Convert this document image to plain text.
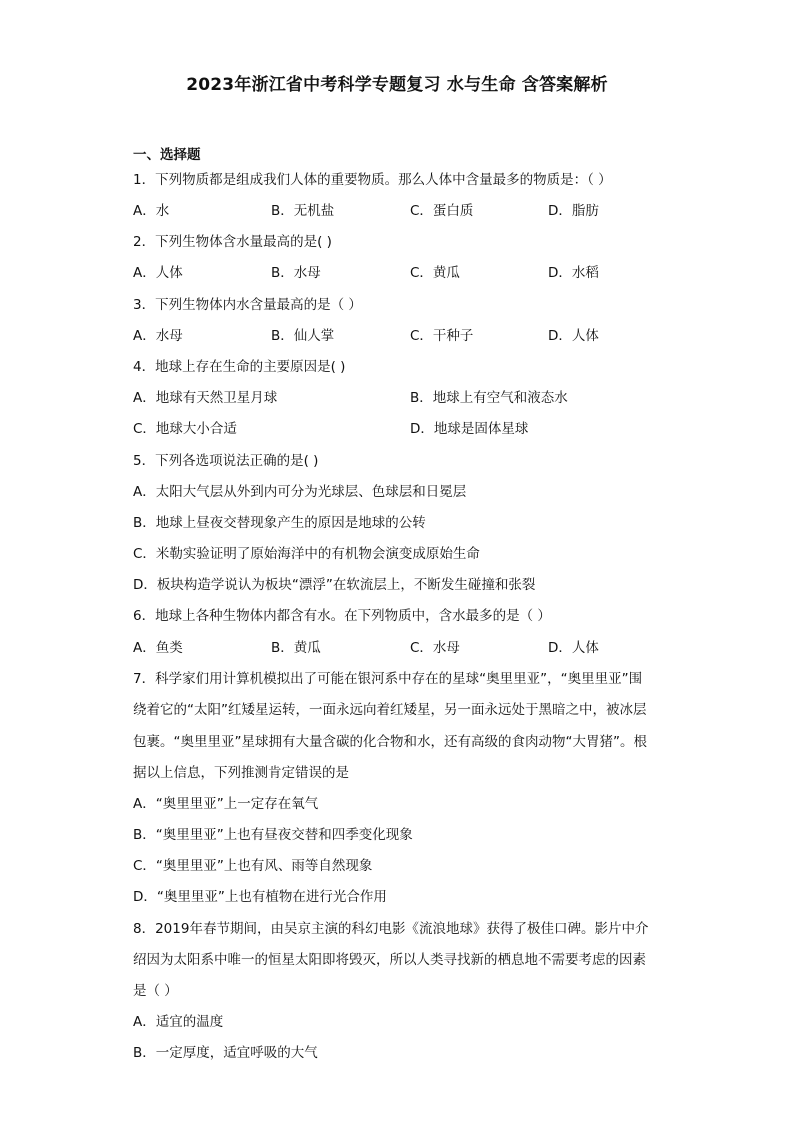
2023年浙江省中考科学专题复习 水与生命 含答案解析
一、选择题
1．下列物质都是组成我们人体的重要物质。那么人体中含量最多的物质是：（ ）
A．水	B．无机盐	C．蛋白质	D．脂肪
2．下列生物体含水量最高的是( )
A．人体	B．水母	C．黄瓜	D．水稻
3．下列生物体内水含量最高的是（ ）
A．水母	B．仙人掌	C．干种子	D．人体
4．地球上存在生命的主要原因是( )
A．地球有天然卫星月球	B．地球上有空气和液态水
C．地球大小合适	D．地球是固体星球
5．下列各选项说法正确的是( )
A．太阳大气层从外到内可分为光球层、色球层和日冕层
B．地球上昼夜交替现象产生的原因是地球的公转
C．米勒实验证明了原始海洋中的有机物会演变成原始生命
D．板块构造学说认为板块“漂浮”在软流层上，不断发生碰撞和张裂
6．地球上各种生物体内都含有水。在下列物质中，含水最多的是（ ）
A．鱼类	B．黄瓜	C．水母	D．人体
7．科学家们用计算机模拟出了可能在银河系中存在的星球“奥里里亚”，“奥里里亚”围
绕着它的“太阳”红矮星运转，一面永远向着红矮星，另一面永远处于黑暗之中，被冰层
包裹。“奥里里亚”星球拥有大量含碳的化合物和水，还有高级的食肉动物“大胃猪”。根
据以上信息，下列推测肯定错误的是
A．“奥里里亚”上一定存在氧气
B．“奥里里亚”上也有昼夜交替和四季变化现象
C．“奥里里亚”上也有风、雨等自然现象
D．“奥里里亚”上也有植物在进行光合作用
8．2019年春节期间，由吴京主演的科幻电影《流浪地球》获得了极佳口碑。影片中介
绍因为太阳系中唯一的恒星太阳即将毁灭，所以人类寻找新的栖息地不需要考虑的因素
是（ ）
A．适宜的温度
B．一定厚度，适宜呼吸的大气
